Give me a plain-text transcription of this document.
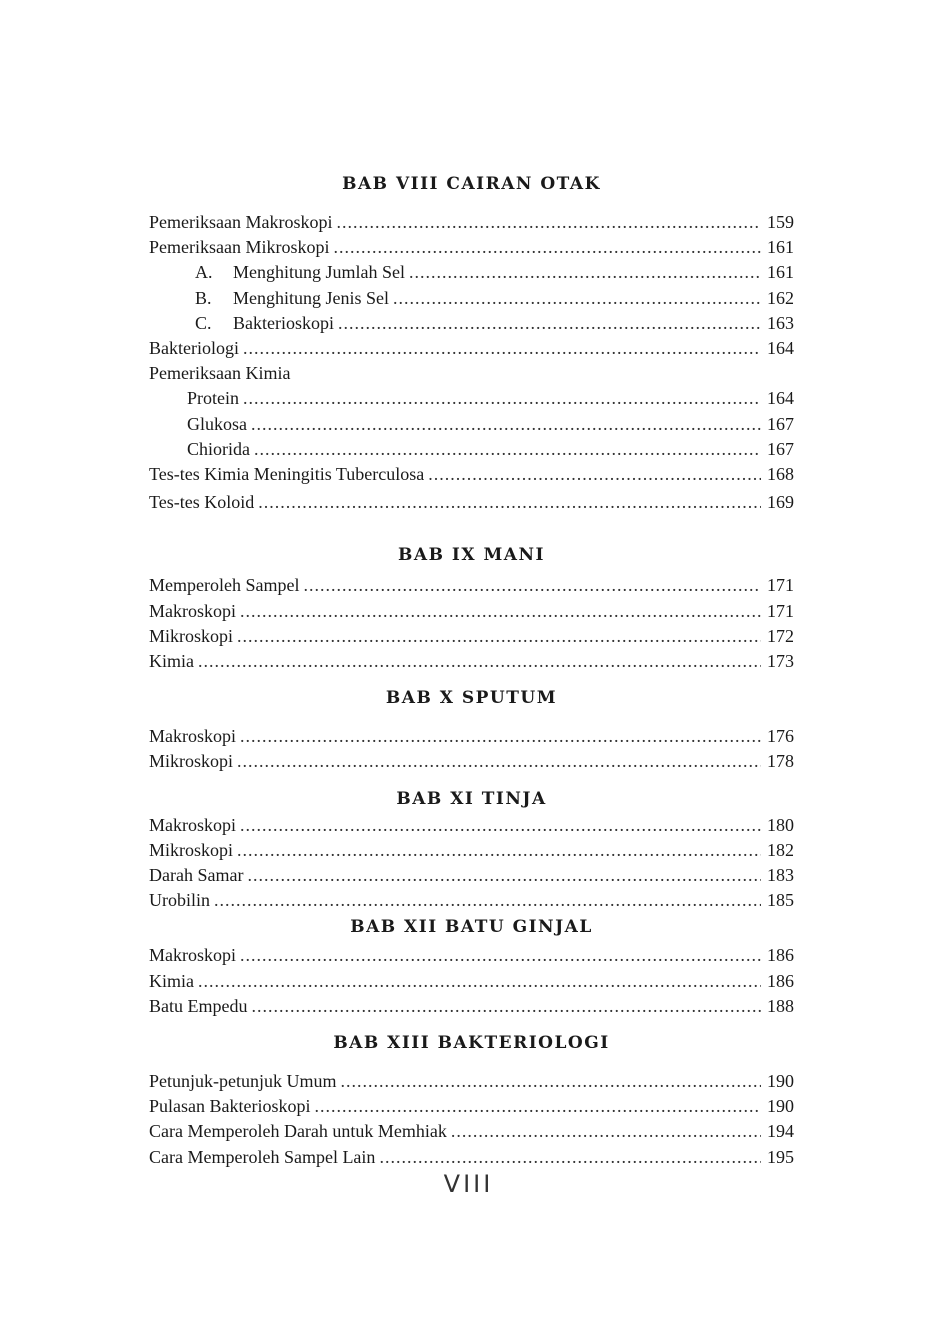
BAB VIII CAIRAN OTAK
Pemeriksaan Makroskopi .....	159
Pemeriksaan Mikroskopi .....	161
A. Menghitung Jumlah Sel .....	161
B. Menghitung Jenis Sel .....	162
C. Bakterioskopi .....	163
Bakteriologi .....	164
Pemeriksaan Kimia
Protein .....	164
Glukosa .....	167
Chiorida .....	167
Tes-tes Kimia Meningitis Tuberculosa .....	168
Tes-tes Koloid .....	169
BAB IX MANI
Memperoleh Sampel .....	171
Makroskopi .....	171
Mikroskopi .....	172
Kimia .....	173
BAB X SPUTUM
Makroskopi .....	176
Mikroskopi .....	178
BAB XI TINJA
Makroskopi .....	180
Mikroskopi .....	182
Darah Samar .....	183
Urobilin .....	185
BAB XII BATU GINJAL
Makroskopi .....	186
Kimia .....	186
Batu Empedu .....	188
BAB XIII BAKTERIOLOGI
Petunjuk-petunjuk Umum .....	190
Pulasan Bakterioskopi .....	190
Cara Memperoleh Darah untuk Memhiak .....	194
Cara Memperoleh Sampel Lain .....	195
VIII
